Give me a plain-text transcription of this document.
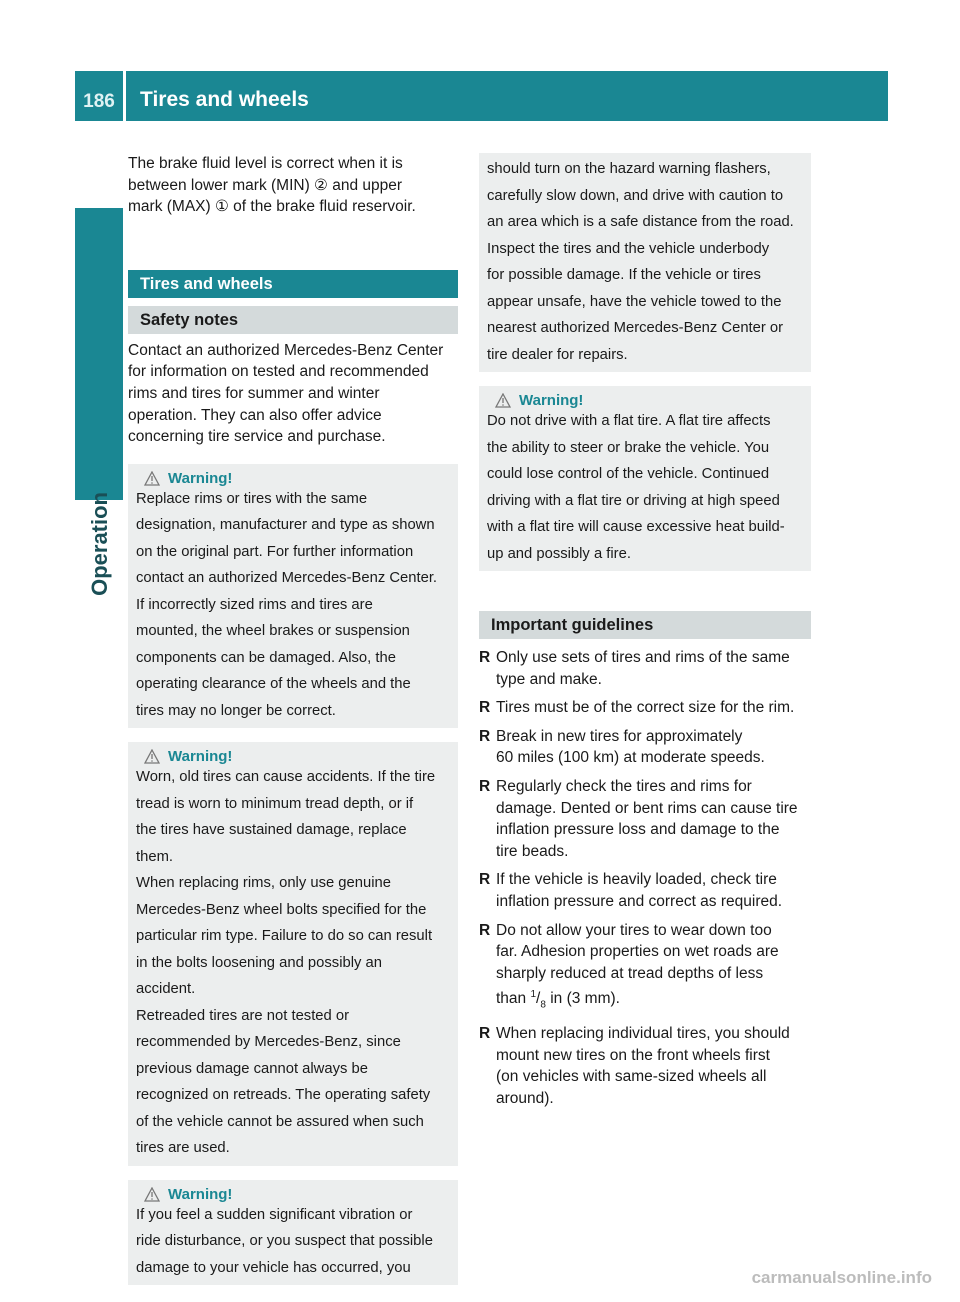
186	Tires and wheels
Operation

The brake fluid level is correct when it is

between lower mark (MIN) ② and upper

mark (MAX) ① of the brake fluid reservoir.

Tires and wheels
Safety notes

Contact an authorized Mercedes-Benz Center

for information on tested and recommended

rims and tires for summer and winter

operation. They can also offer advice

concerning tire service and purchase.

Warning!

Replace rims or tires with the same

designation, manufacturer and type as shown

on the original part. For further information

contact an authorized Mercedes-Benz Center.

If incorrectly sized rims and tires are

mounted, the wheel brakes or suspension

components can be damaged. Also, the

operating clearance of the wheels and the

tires may no longer be correct.

Warning!

Worn, old tires can cause accidents. If the tire

tread is worn to minimum tread depth, or if

the tires have sustained damage, replace

them.

When replacing rims, only use genuine

Mercedes-Benz wheel bolts specified for the

particular rim type. Failure to do so can result

in the bolts loosening and possibly an

accident.

Retreaded tires are not tested or

recommended by Mercedes-Benz, since

previous damage cannot always be

recognized on retreads. The operating safety

of the vehicle cannot be assured when such

tires are used.

Warning!

If you feel a sudden significant vibration or

ride disturbance, or you suspect that possible

damage to your vehicle has occurred, you

should turn on the hazard warning flashers,

carefully slow down, and drive with caution to

an area which is a safe distance from the road.

Inspect the tires and the vehicle underbody

for possible damage. If the vehicle or tires

appear unsafe, have the vehicle towed to the

nearest authorized Mercedes-Benz Center or

tire dealer for repairs.

Warning!

Do not drive with a flat tire. A flat tire affects

the ability to steer or brake the vehicle. You

could lose control of the vehicle. Continued

driving with a flat tire or driving at high speed

with a flat tire will cause excessive heat build-

up and possibly a fire.

Important guidelines
R Only use sets of tires and rims of the same
type and make.
R Tires must be of the correct size for the rim.
R Break in new tires for approximately
60 miles (100 km) at moderate speeds.
R Regularly check the tires and rims for
damage. Dented or bent rims can cause tire
inflation pressure loss and damage to the
tire beads.
R If the vehicle is heavily loaded, check tire
inflation pressure and correct as required.
R Do not allow your tires to wear down too
far. Adhesion properties on wet roads are
sharply reduced at tread depths of less
than $^1/_8$ in (3 mm).
R When replacing individual tires, you should
mount new tires on the front wheels first
(on vehicles with same-sized wheels all
around).
carmanualsonline.info
